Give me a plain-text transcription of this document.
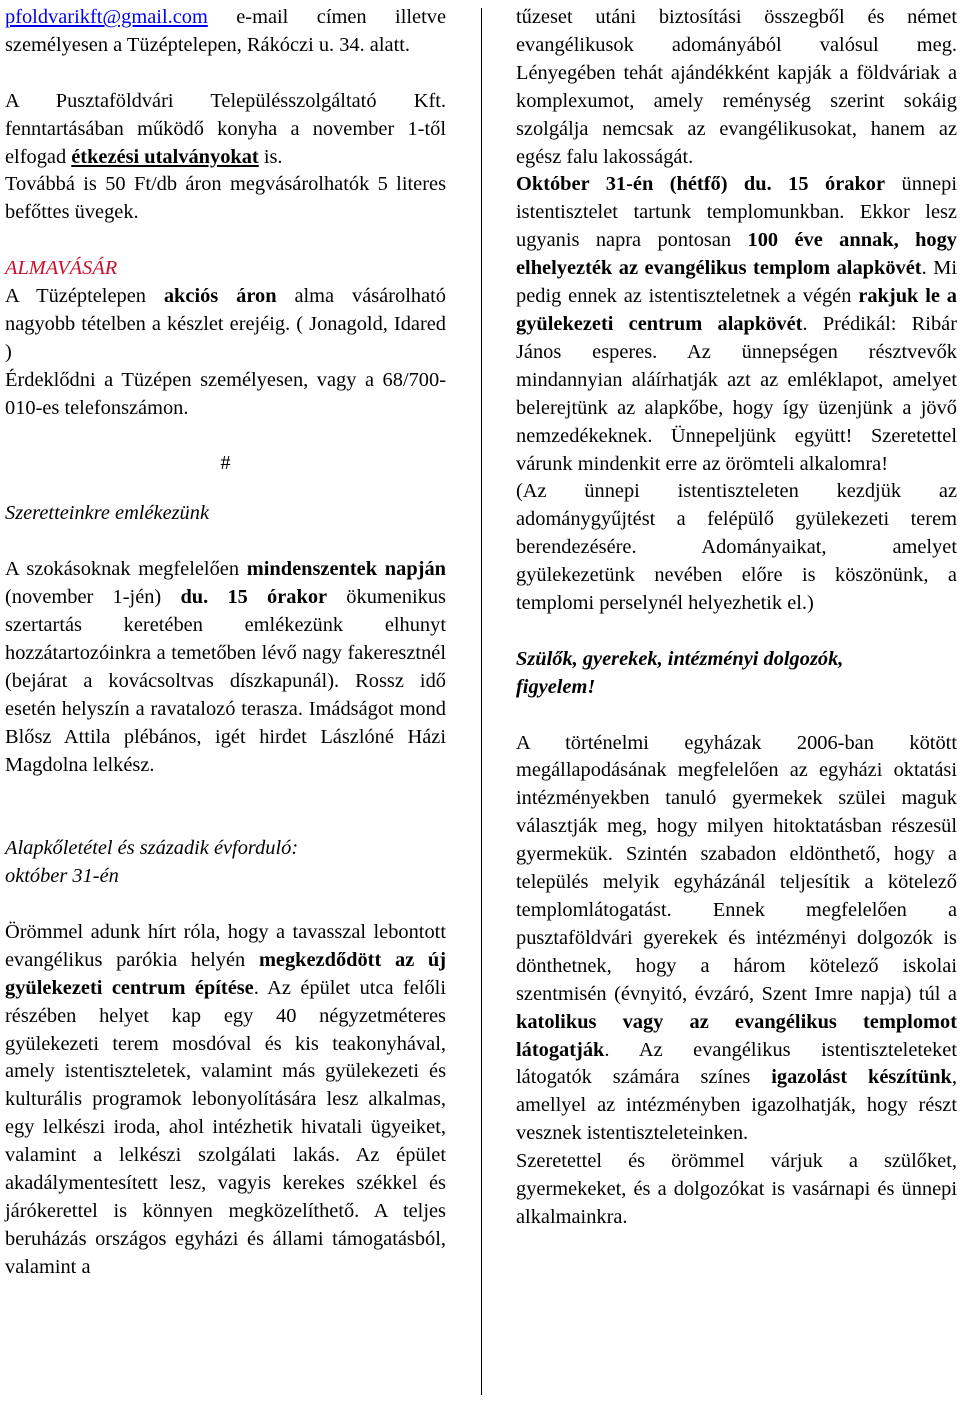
pfoldvarikft@gmail.com e-mail címen illetve személyesen a Tüzéptelepen, Rákóczi u. 34. alatt.

A Pusztaföldvári Településszolgáltató Kft. fenntartásában működő konyha a november 1-től elfogad étkezési utalványokat is.

Továbbá is 50 Ft/db áron megvásárolhatók 5 literes befőttes üvegek.

ALMAVÁSÁR

A Tüzéptelepen akciós áron alma vásárolható nagyobb tételben a készlet erejéig. ( Jonagold, Idared )

Érdeklődni a Tüzépen személyesen, vagy a 68/700-010-es telefonszámon.

#

Szeretteinkre emlékezünk

A szokásoknak megfelelően mindenszentek napján (november 1-jén) du. 15 órakor ökumenikus szertartás keretében emlékezünk elhunyt hozzátartozóinkra a temetőben lévő nagy fakeresztnél (bejárat a kovácsoltvas díszkapunál). Rossz idő esetén helyszín a ravatalozó terasza. Imádságot mond Blősz Attila plébános, igét hirdet Lászlóné Házi Magdolna lelkész.

Alapkőletétel és századik évforduló:
október 31-én

Örömmel adunk hírt róla, hogy a tavasszal lebontott evangélikus parókia helyén megkezdődött az új gyülekezeti centrum építése. Az épület utca felőli részében helyet kap egy 40 négyzetméteres gyülekezeti terem mosdóval és kis teakonyhával, amely istentiszteletek, valamint más gyülekezeti és kulturális programok lebonyolítására lesz alkalmas, egy lelkészi iroda, ahol intézhetik hivatali ügyeiket, valamint a lelkészi szolgálati lakás. Az épület akadálymentesített lesz, vagyis kerekes székkel és járókerettel is könnyen megközelíthető. A teljes beruházás országos egyházi és állami támogatásból, valamint a

tűzeset utáni biztosítási összegből és német evangélikusok adományából valósul meg. Lényegében tehát ajándékként kapják a földváriak a komplexumot, amely reménység szerint sokáig szolgálja nemcsak az evangélikusokat, hanem az egész falu lakosságát.

Október 31-én (hétfő) du. 15 órakor ünnepi istentisztelet tartunk templomunkban. Ekkor lesz ugyanis napra pontosan 100 éve annak, hogy elhelyezték az evangélikus templom alapkövét. Mi pedig ennek az istentiszteletnek a végén rakjuk le a gyülekezeti centrum alapkövét. Prédikál: Ribár János esperes. Az ünnepségen résztvevők mindannyian aláírhatják azt az emléklapot, amelyet belerejtünk az alapkőbe, hogy így üzenjünk a jövő nemzedékeknek. Ünnepeljünk együtt! Szeretettel várunk mindenkit erre az örömteli alkalomra!

(Az ünnepi istentiszteleten kezdjük az adománygyűjtést a felépülő gyülekezeti terem berendezésére. Adományaikat, amelyet gyülekezetünk nevében előre is köszönünk, a templomi perselynél helyezhetik el.)

Szülők, gyerekek, intézményi dolgozók,
figyelem!

A történelmi egyházak 2006-ban kötött megállapodásának megfelelően az egyházi oktatási intézményekben tanuló gyermekek szülei maguk választják meg, hogy milyen hitoktatásban részesül gyermekük. Szintén szabadon eldönthető, hogy a település melyik egyházánál teljesítik a kötelező templomlátogatást. Ennek megfelelően a pusztaföldvári gyerekek és intézményi dolgozók is dönthetnek, hogy a három kötelező iskolai szentmisén (évnyitó, évzáró, Szent Imre napja) túl a katolikus vagy az evangélikus templomot látogatják. Az evangélikus istentiszteleteket látogatók számára színes igazolást készítünk, amellyel az intézményben igazolhatják, hogy részt vesznek istentiszteleteinken.

Szeretettel és örömmel várjuk a szülőket, gyermekeket, és a dolgozókat is vasárnapi és ünnepi alkalmainkra.
